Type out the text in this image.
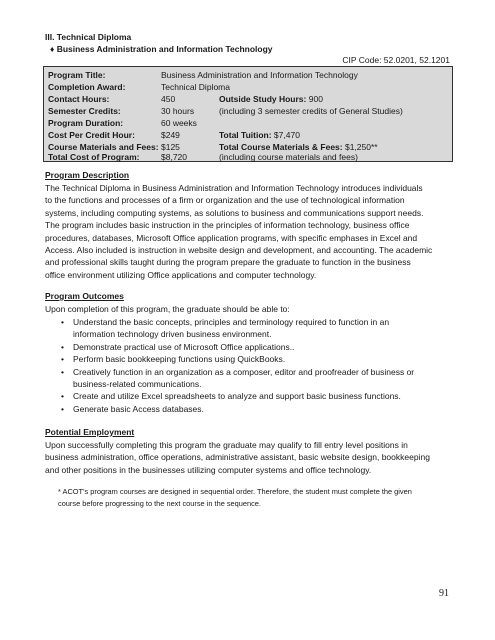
III. Technical Diploma
♦ Business Administration and Information Technology
CIP Code: 52.0201, 52.1201
Program Title:	Business Administration and Information Technology
Completion Award:	Technical Diploma
Contact Hours:	450	Outside Study Hours: 900
Semester Credits:	30 hours	(including 3 semester credits of General Studies)
Program Duration:	60 weeks
Cost Per Credit Hour:	$249	Total Tuition: $7,470
Course Materials and Fees: $125	Total Course Materials & Fees: $1,250**
Total Cost of Program:	$8,720	(including course materials and fees)
Program Description
The Technical Diploma in Business Administration and Information Technology introduces individuals
to the functions and processes of a firm or organization and the use of technological information
systems, including computing systems, as solutions to business and communications support needs.
The program includes basic instruction in the principles of information technology, business office
procedures, databases, Microsoft Office application programs, with specific emphases in Excel and
Access. Also included is instruction in website design and development, and accounting. The academic
and professional skills taught during the program prepare the graduate to function in the business
office environment utilizing Office applications and computer technology.
Program Outcomes
Upon completion of this program, the graduate should be able to:
• Understand the basic concepts, principles and terminology required to function in an
information technology driven business environment.
• Demonstrate practical use of Microsoft Office applications..
• Perform basic bookkeeping functions using QuickBooks.
• Creatively function in an organization as a composer, editor and proofreader of business or
business-related communications.
• Create and utilize Excel spreadsheets to analyze and support basic business functions.
• Generate basic Access databases.
Potential Employment
Upon successfully completing this program the graduate may qualify to fill entry level positions in
business administration, office operations, administrative assistant, basic website design, bookkeeping
and other positions in the businesses utilizing computer systems and office technology.
* ACOT’s program courses are designed in sequential order. Therefore, the student must complete the given
course before progressing to the next course in the sequence.
91
